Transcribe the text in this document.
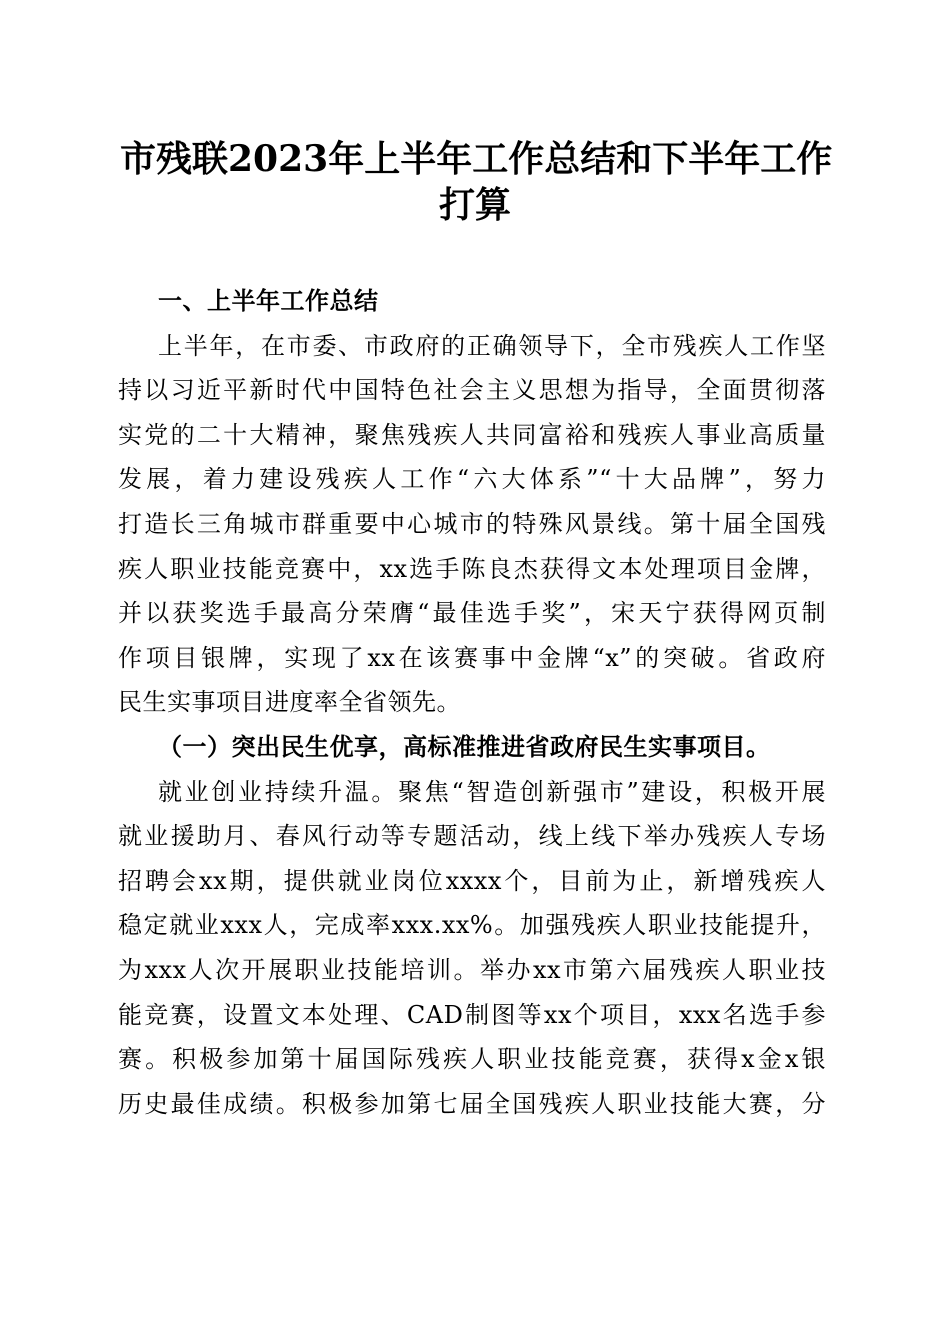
市残联2023年上半年工作总结和下半年工作
打算
一、上半年工作总结
上半年，在市委、市政府的正确领导下，全市残疾人工作坚
持以习近平新时代中国特色社会主义思想为指导，全面贯彻落
实党的二十大精神，聚焦残疾人共同富裕和残疾人事业高质量
发展，着力建设残疾人工作“六大体系”“十大品牌”，努力
打造长三角城市群重要中心城市的特殊风景线。第十届全国残
疾人职业技能竞赛中，xx选手陈良杰获得文本处理项目金牌，
并以获奖选手最高分荣膺“最佳选手奖”，宋天宁获得网页制
作项目银牌，实现了xx在该赛事中金牌“x”的突破。省政府
民生实事项目进度率全省领先。
（一）突出民生优享，高标准推进省政府民生实事项目。
就业创业持续升温。聚焦“智造创新强市”建设，积极开展
就业援助月、春风行动等专题活动，线上线下举办残疾人专场
招聘会xx期，提供就业岗位xxxx个，目前为止，新增残疾人
稳定就业xxx人，完成率xxx.xx%。加强残疾人职业技能提升，
为xxx人次开展职业技能培训。举办xx市第六届残疾人职业技
能竞赛，设置文本处理、CAD制图等xx个项目，xxx名选手参
赛。积极参加第十届国际残疾人职业技能竞赛，获得x金x银
历史最佳成绩。积极参加第七届全国残疾人职业技能大赛，分
